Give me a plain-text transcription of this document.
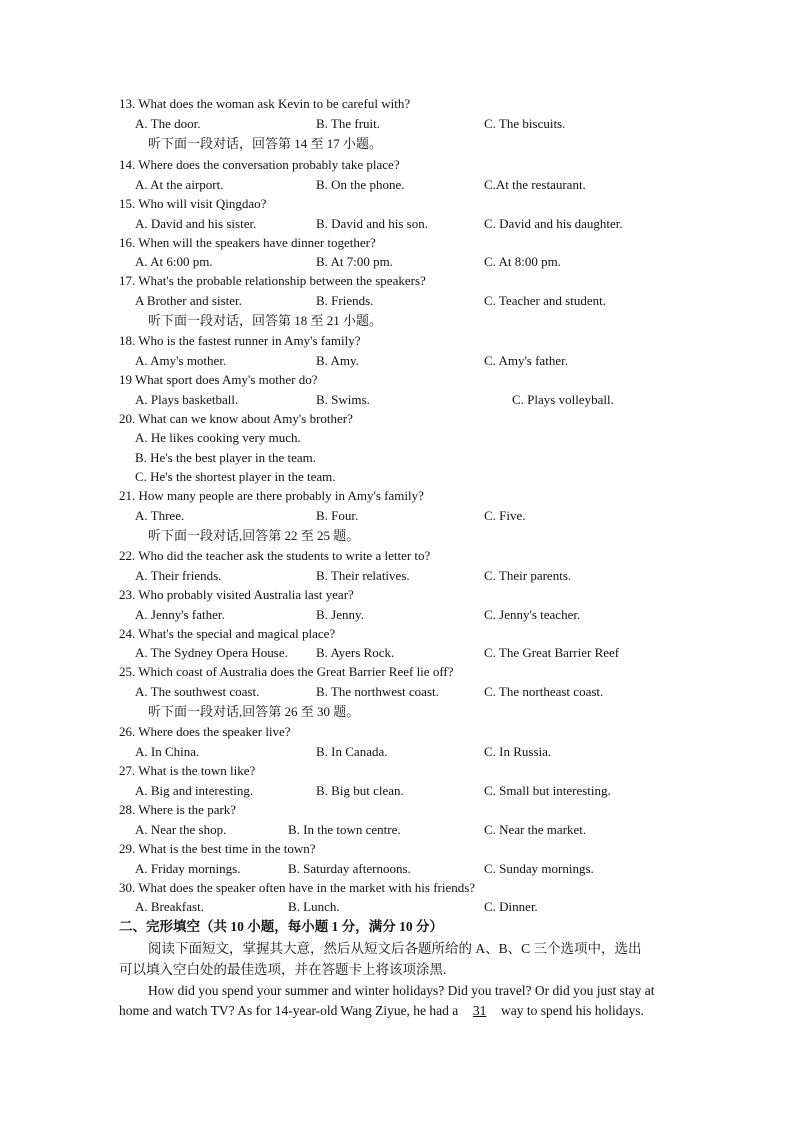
13. What does the woman ask Kevin to be careful with?
A. The door.	B. The fruit.	C. The biscuits.
听下面一段对话，回答第 14 至 17 小题。
14. Where does the conversation probably take place?
A. At the airport.	B. On the phone.	C.At the restaurant.
15. Who will visit Qingdao?
A. David and his sister.	B. David and his son.	C. David and his daughter.
16. When will the speakers have dinner together?
A. At 6:00 pm.	B. At 7:00 pm.	C. At 8:00 pm.
17. What's the probable relationship between the speakers?
A Brother and sister.	B. Friends.	C. Teacher and student.
听下面一段对话，回答第 18 至 21 小题。
18. Who is the fastest runner in Amy's family?
A. Amy's mother.	B. Amy.	C. Amy's father.
19 What sport does Amy's mother do?
A. Plays basketball.	B. Swims.	C. Plays volleyball.
20. What can we know about Amy's brother?
A. He likes cooking very much.
B. He's the best player in the team.
C. He's the shortest player in the team.
21. How many people are there probably in Amy's family?
A. Three.	B. Four.	C. Five.
听下面一段对话,回答第 22 至 25 题。
22. Who did the teacher ask the students to write a letter to?
A. Their friends.	B. Their relatives.	C. Their parents.
23. Who probably visited Australia last year?
A. Jenny's father.	B. Jenny.	C. Jenny's teacher.
24. What's the special and magical place?
A. The Sydney Opera House. B. Ayers Rock.	C. The Great Barrier Reef
25. Which coast of Australia does the Great Barrier Reef lie off?
A. The southwest coast.	B. The northwest coast.	C. The northeast coast.
听下面一段对话,回答第 26 至 30 题。
26. Where does the speaker live?
A. In China.	B. In Canada.	C. In Russia.
27. What is the town like?
A. Big and interesting.	B. Big but clean.	C. Small but interesting.
28. Where is the park?
A. Near the shop.	B. In the town centre.	C. Near the market.
29. What is the best time in the town?
A. Friday mornings.	B. Saturday afternoons.	C. Sunday mornings.
30. What does the speaker often have in the market with his friends?
A. Breakfast.	B. Lunch.	C. Dinner.
二、完形填空（共 10 小题，每小题 1 分，满分 10 分）
阅读下面短文，掌握其大意，然后从短文后各题所给的 A、B、C 三个选项中，选出
可以填入空白处的最佳选项，并在答题卡上将该项涂黑.
How did you spend your summer and winter holidays? Did you travel? Or did you just stay at
home and watch TV? As for 14-year-old Wang Ziyue, he had a 31 way to spend his holidays.
